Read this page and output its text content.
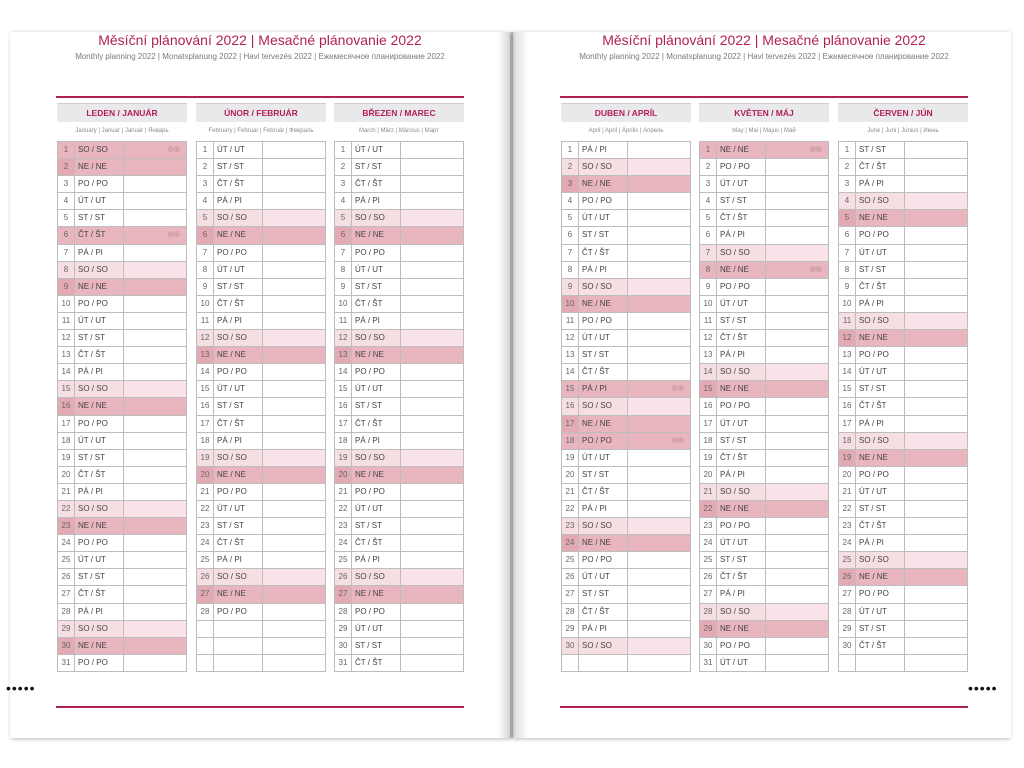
Měsíční plánování 2022 | Mesačné plánovanie 2022
Monthly planning 2022 | Monatsplanung 2022 | Havi tervezés 2022 | Ежемесячное планирование 2022
Měsíční plánování 2022 | Mesačné plánovanie 2022
Monthly planning 2022 | Monatsplanung 2022 | Havi tervezés 2022 | Ежемесячное планирование 2022
LEDEN / JANUÁR
January | Januar | Január | Январь
1	SO / SO	◎◎
2	NE / NE
3	PO / PO
4	ÚT / UT
5	ST / ST
6	ČT / ŠT	◎◎
7	PÁ / PI
8	SO / SO
9	NE / NE
10 PO / PO
11 ÚT / UT
12 ST / ST
13 ČT / ŠT
14 PÁ / PI
15 SO / SO
16 NE / NE
17 PO / PO
18 ÚT / UT
19 ST / ST
20 ČT / ŠT
21 PÁ / PI
22 SO / SO
23 NE / NE
24 PO / PO
25 ÚT / UT
26 ST / ST
27 ČT / ŠT
28 PÁ / PI
29 SO / SO
30 NE / NE
31 PO / PO
ÚNOR / FEBRUÁR
February | Februar | Február | Февраль
1	ÚT / UT
2	ST / ST
3	ČT / ŠT
4	PÁ / PI
5	SO / SO
6	NE / NE
7	PO / PO
8	ÚT / UT
9	ST / ST
10 ČT / ŠT
11 PÁ / PI
12 SO / SO
13 NE / NE
14 PO / PO
15 ÚT / UT
16 ST / ST
17 ČT / ŠT
18 PÁ / PI
19 SO / SO
20 NE / NE
21 PO / PO
22 ÚT / UT
23 ST / ST
24 ČT / ŠT
25 PÁ / PI
26 SO / SO
27 NE / NE
28 PO / PO
BŘEZEN / MAREC
March | März | Március | Март
1	ÚT / UT
2	ST / ST
3	ČT / ŠT
4	PÁ / PI
5	SO / SO
6	NE / NE
7	PO / PO
8	ÚT / UT
9	ST / ST
10 ČT / ŠT
11 PÁ / PI
12 SO / SO
13 NE / NE
14 PO / PO
15 ÚT / UT
16 ST / ST
17 ČT / ŠT
18 PÁ / PI
19 SO / SO
20 NE / NE
21 PO / PO
22 ÚT / UT
23 ST / ST
24 ČT / ŠT
25 PÁ / PI
26 SO / SO
27 NE / NE
28 PO / PO
29 ÚT / UT
30 ST / ST
31 ČT / ŠT
DUBEN / APRÍL
April | April | Április | Апрель
1	PÁ / PI
2	SO / SO
3	NE / NE
4	PO / PO
5	ÚT / UT
6	ST / ST
7	ČT / ŠT
8	PÁ / PI
9	SO / SO
10 NE / NE
11 PO / PO
12 ÚT / UT
13 ST / ST
14 ČT / ŠT
15 PÁ / PI	◎◎
16 SO / SO
17 NE / NE
18 PO / PO	◎◎
19 ÚT / UT
20 ST / ST
21 ČT / ŠT
22 PÁ / PI
23 SO / SO
24 NE / NE
25 PO / PO
26 ÚT / UT
27 ST / ST
28 ČT / ŠT
29 PÁ / PI
30 SO / SO
KVĚTEN / MÁJ
May | Mai | Május | Май
1	NE / NE	◎◎
2	PO / PO
3	ÚT / UT
4	ST / ST
5	ČT / ŠT
6	PÁ / PI
7	SO / SO
8	NE / NE	◎◎
9	PO / PO
10 ÚT / UT
11 ST / ST
12 ČT / ŠT
13 PÁ / PI
14 SO / SO
15 NE / NE
16 PO / PO
17 ÚT / UT
18 ST / ST
19 ČT / ŠT
20 PÁ / PI
21 SO / SO
22 NE / NE
23 PO / PO
24 ÚT / UT
25 ST / ST
26 ČT / ŠT
27 PÁ / PI
28 SO / SO
29 NE / NE
30 PO / PO
31 ÚT / UT
ČERVEN / JÚN
June | Juni | Június | Июнь
1	ST / ST
2	ČT / ŠT
3	PÁ / PI
4	SO / SO
5	NE / NE
6	PO / PO
7	ÚT / UT
8	ST / ST
9	ČT / ŠT
10 PÁ / PI
11 SO / SO
12 NE / NE
13 PO / PO
14 ÚT / UT
15 ST / ST
16 ČT / ŠT
17 PÁ / PI
18 SO / SO
19 NE / NE
20 PO / PO
21 ÚT / UT
22 ST / ST
23 ČT / ŠT
24 PÁ / PI
25 SO / SO
26 NE / NE
27 PO / PO
28 ÚT / UT
29 ST / ST
30 ČT / ŠT
•••••	•••••
